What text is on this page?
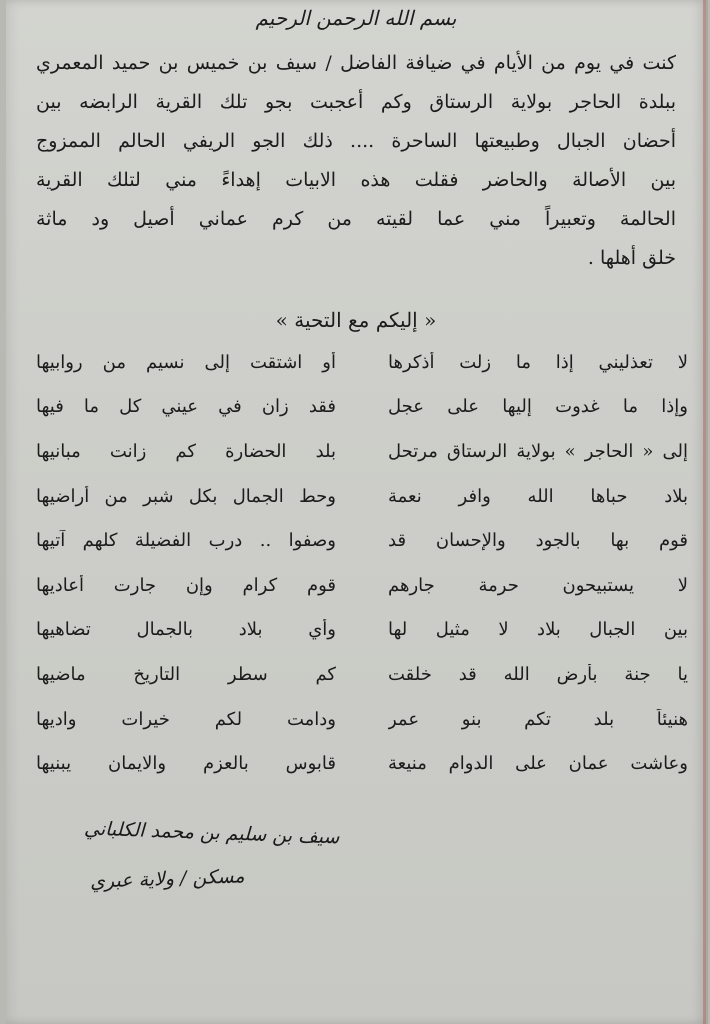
بسم الله الرحمن الرحيم
كنت في يوم من الأيام في ضيافة الفاضل / سيف بن خميس بن حميد المعمري
ببلدة الحاجر بولاية الرستاق وكم أعجبت بجو تلك القرية الرابضه بين
أحضان الجبال وطبيعتها الساحرة .... ذلك الجو الريفي الحالم الممزوج
بين الأصالة والحاضر فقلت هذه الابيات إهداءً مني لتلك القرية
الحالمة وتعبيراً مني عما لقيته من كرم عماني أصيل ود ماثة
خلق أهلها .
« إليكم مع التحية »
لا تعذليني إذا ما زلت أذكرها
أو اشتقت إلى نسيم من روابيها
وإذا ما غدوت إليها على عجل
فقد زان في عيني كل ما فيها
إلى « الحاجر » بولاية الرستاق مرتحل
بلد الحضارة كم زانت مبانيها
بلاد حباها الله وافر نعمة
وحط الجمال بكل شبر من أراضيها
قوم بها بالجود والإحسان قد
وصفوا .. درب الفضيلة كلهم آتيها
لا يستبيحون حرمة جارهم
قوم كرام وإن جارت أعاديها
بين الجبال بلاد لا مثيل لها
وأي بلاد بالجمال تضاهيها
يا جنة بأرض الله قد خلقت
كم سطر التاريخ ماضيها
هنيئاً بلد تكم بنو عمر
ودامت لكم خيرات واديها
وعاشت عمان على الدوام منيعة
قابوس بالعزم والايمان يبنيها
سيف بن سليم بن محمد الكلباني
مسكن / ولاية عبري
